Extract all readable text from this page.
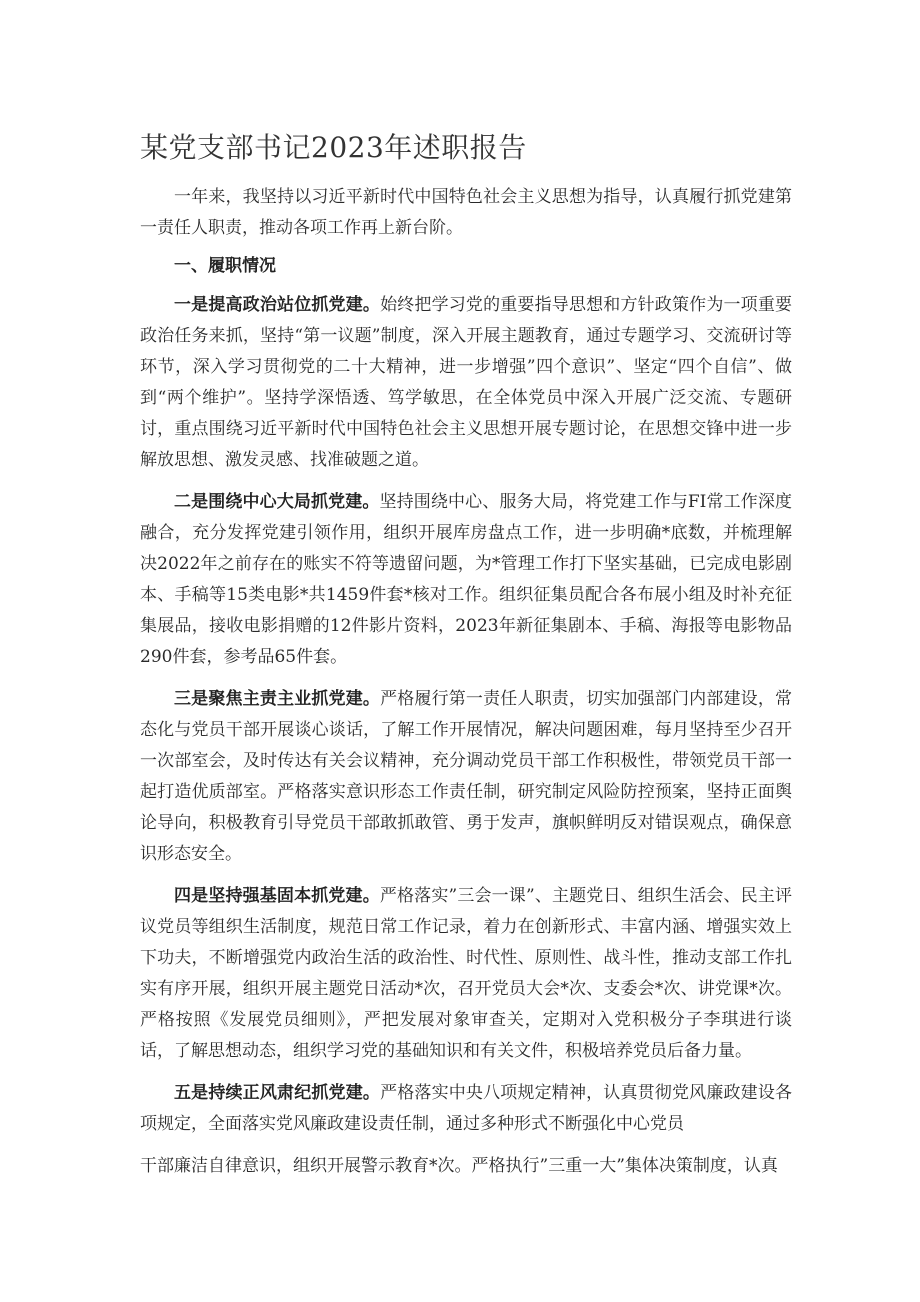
某党支部书记2023年述职报告

一年来，我坚持以习近平新时代中国特色社会主义思想为指导，认真履行抓党建第一责任人职责，推动各项工作再上新台阶。

一、履职情况

一是提高政治站位抓党建。始终把学习党的重要指导思想和方针政策作为一项重要政治任务来抓，坚持“第一议题”制度，深入开展主题教育，通过专题学习、交流研讨等环节，深入学习贯彻党的二十大精神，进一步增强”四个意识”、坚定“四个自信”、做到“两个维护”。坚持学深悟透、笃学敏思，在全体党员中深入开展广泛交流、专题研讨，重点围绕习近平新时代中国特色社会主义思想开展专题讨论，在思想交锋中进一步解放思想、激发灵感、找准破题之道。

二是围绕中心大局抓党建。坚持围绕中心、服务大局，将党建工作与FI常工作深度融合，充分发挥党建引领作用，组织开展库房盘点工作，进一步明确*底数，并梳理解决2022年之前存在的账实不符等遗留问题，为*管理工作打下坚实基础，已完成电影剧本、手稿等15类电影*共1459件套*核对工作。组织征集员配合各布展小组及时补充征集展品，接收电影捐赠的12件影片资料，2023年新征集剧本、手稿、海报等电影物品290件套，参考品65件套。

三是聚焦主责主业抓党建。严格履行第一责任人职责，切实加强部门内部建设，常态化与党员干部开展谈心谈话，了解工作开展情况，解决问题困难，每月坚持至少召开一次部室会，及时传达有关会议精神，充分调动党员干部工作积极性，带领党员干部一起打造优质部室。严格落实意识形态工作责任制，研究制定风险防控预案，坚持正面舆论导向，积极教育引导党员干部敢抓敢管、勇于发声，旗帜鲜明反对错误观点，确保意识形态安全。

四是坚持强基固本抓党建。严格落实”三会一课”、主题党日、组织生活会、民主评议党员等组织生活制度，规范日常工作记录，着力在创新形式、丰富内涵、增强实效上下功夫，不断增强党内政治生活的政治性、时代性、原则性、战斗性，推动支部工作扎实有序开展，组织开展主题党日活动*次，召开党员大会*次、支委会*次、讲党课*次。严格按照《发展党员细则》，严把发展对象审查关，定期对入党积极分子李琪进行谈话，了解思想动态，组织学习党的基础知识和有关文件，积极培养党员后备力量。

五是持续正风肃纪抓党建。严格落实中央八项规定精神，认真贯彻党风廉政建设各项规定，全面落实党风廉政建设责任制，通过多种形式不断强化中心党员

干部廉洁自律意识，组织开展警示教育*次。严格执行”三重一大”集体决策制度，认真
